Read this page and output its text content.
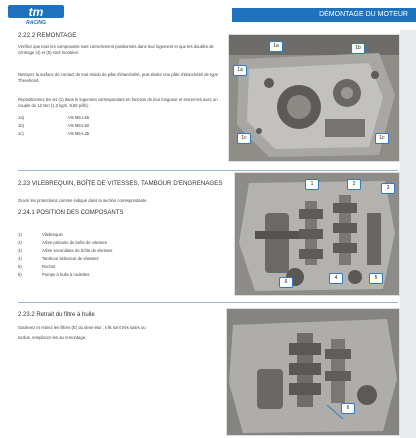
tm
RACING
DÉMONTAGE DU MOTEUR
2.22.2 REMONTAGE
Vérifiez que tous les composants sont correctement positionnés dans leur logement et que les douilles de centrage (4) et (5) sont montées.
Nettoyez la surface de contact de tout résidu de pâte d'étanchéité, puis étalez une pâte d'étanchéité de type Threebond.
Repositionnez les vis (1) dans le logement correspondant en fonction de leur longueur et serrez-les avec un couple de 12 Nm (1,2 kgm, 8,68 pi/lb) :
1a)	Vis M6-L55
1b)	Vis M6-L50
1c)	Vis M6-L35
1a	1b
1a
1c	1c
2.23 VILEBREQUIN, BOÎTE DE VITESSES, TAMBOUR D'ENGRENAGES
Ouvrir les protections comme indiqué dans la section correspondante.
2.24.1 POSITION DES COMPOSANTS
1)	Vilebrequin
2)	Arbre primaire de boîte de vitesses
3)	Arbre secondaire de boîte de vitesses
4)	Tambour sélecteur de vitesses
5)	Rochet
6)	Pompe à huile à roulettes
1	2
3
4	5
6
2.23.2 Retrait du filtre à huile
Soulevez et retirez les filtres (E) du demi-étui ; s'ils sont très sales ou
tordus, remplacez-les au remontage.
6
